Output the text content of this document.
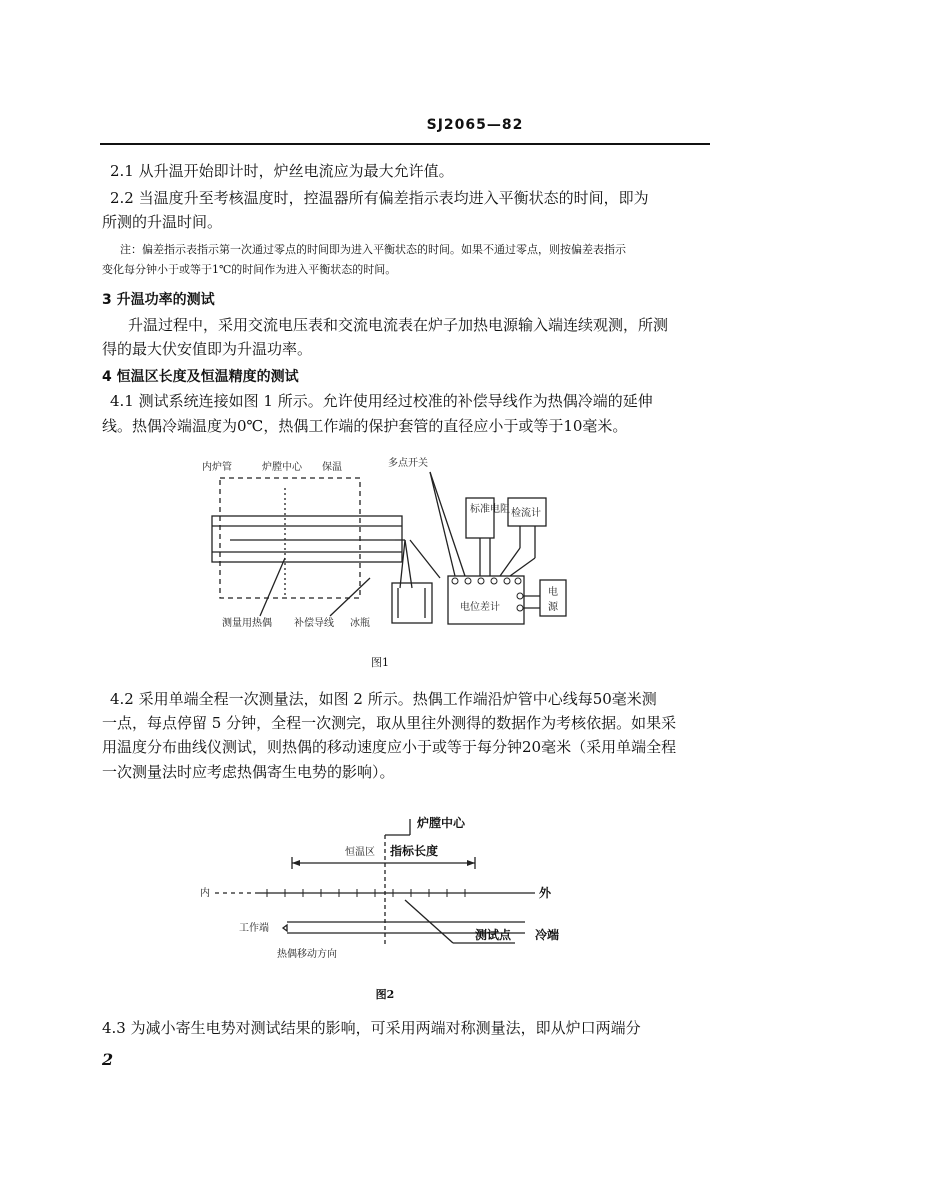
SJ2065—82
2.1 从升温开始即计时，炉丝电流应为最大允许值。
2.2 当温度升至考核温度时，控温器所有偏差指示表均进入平衡状态的时间，即为
所测的升温时间。
注：偏差指示表指示第一次通过零点的时间即为进入平衡状态的时间。如果不通过零点，则按偏差表指示
变化每分钟小于或等于1℃的时间作为进入平衡状态的时间。
3 升温功率的测试
升温过程中，采用交流电压表和交流电流表在炉子加热电源输入端连续观测，所测
得的最大伏安值即为升温功率。
4 恒温区长度及恒温精度的测试
4.1 测试系统连接如图 1 所示。允许使用经过校准的补偿导线作为热偶冷端的延伸
线。热偶冷端温度为0℃，热偶工作端的保护套管的直径应小于或等于10毫米。
内炉管	炉膛中心 保温	多点开关
标准电阻 检流计
电位差计
电
源
测量用热偶 补偿导线 冰瓶
图1
4.2 采用单端全程一次测量法，如图 2 所示。热偶工作端沿炉管中心线每50毫米测
一点，每点停留 5 分钟，全程一次测完，取从里往外测得的数据作为考核依据。如果采
用温度分布曲线仪测试，则热偶的移动速度应小于或等于每分钟20毫米（采用单端全程
一次测量法时应考虑热偶寄生电势的影响）。
炉膛中心
恒温区 指标长度
内	外
工作端	测试点 冷端
热偶移动方向
图2
4.3 为减小寄生电势对测试结果的影响，可采用两端对称测量法，即从炉口两端分
2
